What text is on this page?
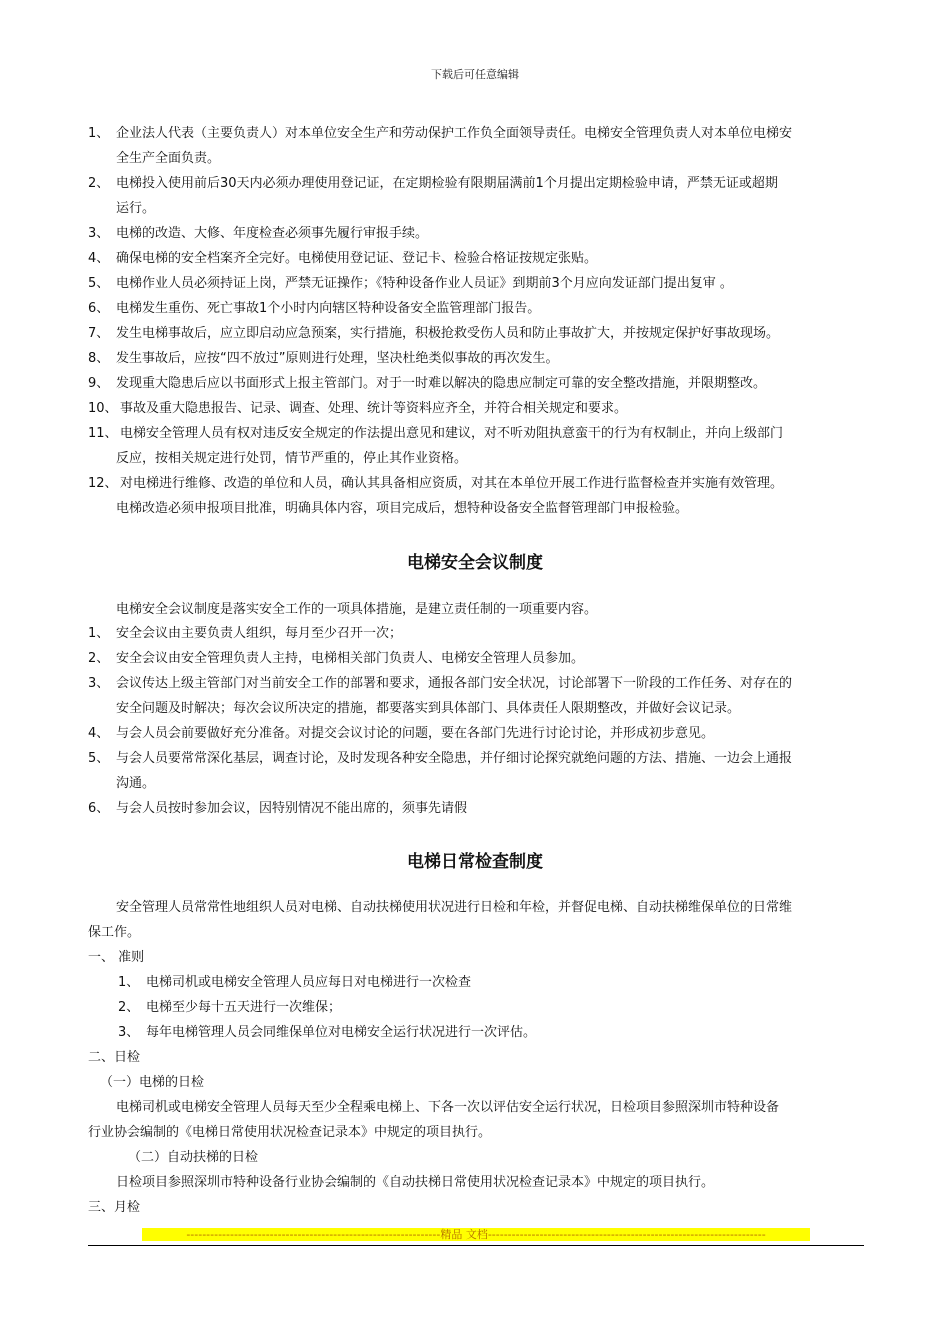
下载后可任意编辑
1、 企业法人代表（主要负责人）对本单位安全生产和劳动保护工作负全面领导责任。电梯安全管理负责人对本单位电梯安
全生产全面负责。
2、 电梯投入使用前后30天内必须办理使用登记证，在定期检验有限期届满前1个月提出定期检验申请，严禁无证或超期
运行。
3、 电梯的改造、大修、年度检查必须事先履行审报手续。
4、 确保电梯的安全档案齐全完好。电梯使用登记证、登记卡、检验合格证按规定张贴。
5、 电梯作业人员必须持证上岗，严禁无证操作；《特种设备作业人员证》到期前3个月应向发证部门提出复审 。
6、 电梯发生重伤、死亡事故1个小时内向辖区特种设备安全监管理部门报告。
7、 发生电梯事故后，应立即启动应急预案，实行措施，积极抢救受伤人员和防止事故扩大，并按规定保护好事故现场。
8、 发生事故后，应按“四不放过”原则进行处理，坚决杜绝类似事故的再次发生。
9、 发现重大隐患后应以书面形式上报主管部门。对于一时难以解决的隐患应制定可靠的安全整改措施，并限期整改。
10、 事故及重大隐患报告、记录、调查、处理、统计等资料应齐全，并符合相关规定和要求。
11、 电梯安全管理人员有权对违反安全规定的作法提出意见和建议，对不听劝阻执意蛮干的行为有权制止，并向上级部门
反应，按相关规定进行处罚，情节严重的，停止其作业资格。
12、 对电梯进行维修、改造的单位和人员，确认其具备相应资质，对其在本单位开展工作进行监督检查并实施有效管理。
电梯改造必须申报项目批准，明确具体内容，项目完成后，想特种设备安全监督管理部门申报检验。
电梯安全会议制度
电梯安全会议制度是落实安全工作的一项具体措施，是建立责任制的一项重要内容。
1、 安全会议由主要负责人组织，每月至少召开一次；
2、 安全会议由安全管理负责人主持，电梯相关部门负责人、电梯安全管理人员参加。
3、 会议传达上级主管部门对当前安全工作的部署和要求，通报各部门安全状况，讨论部署下一阶段的工作任务、对存在的
安全问题及时解决；每次会议所决定的措施，都要落实到具体部门、具体责任人限期整改，并做好会议记录。
4、 与会人员会前要做好充分准备。对提交会议讨论的问题，要在各部门先进行讨论讨论，并形成初步意见。
5、 与会人员要常常深化基层，调查讨论，及时发现各种安全隐患，并仔细讨论探究就绝问题的方法、措施、一边会上通报
沟通。
6、 与会人员按时参加会议，因特别情况不能出席的，须事先请假
电梯日常检查制度
安全管理人员常常性地组织人员对电梯、自动扶梯使用状况进行日检和年检，并督促电梯、自动扶梯维保单位的日常维
保工作。
一、 准则
1、 电梯司机或电梯安全管理人员应每日对电梯进行一次检查
2、 电梯至少每十五天进行一次维保；
3、 每年电梯管理人员会同维保单位对电梯安全运行状况进行一次评估。
二、日检
（一）电梯的日检
电梯司机或电梯安全管理人员每天至少全程乘电梯上、下各一次以评估安全运行状况，日检项目参照深圳市特种设备
行业协会编制的《电梯日常使用状况检查记录本》中规定的项目执行。
（二）自动扶梯的日检
日检项目参照深圳市特种设备行业协会编制的《自动扶梯日常使用状况检查记录本》中规定的项目执行。
三、月检
----------------------------------------------------------------精品 文档----------------------------------------------------------------------
